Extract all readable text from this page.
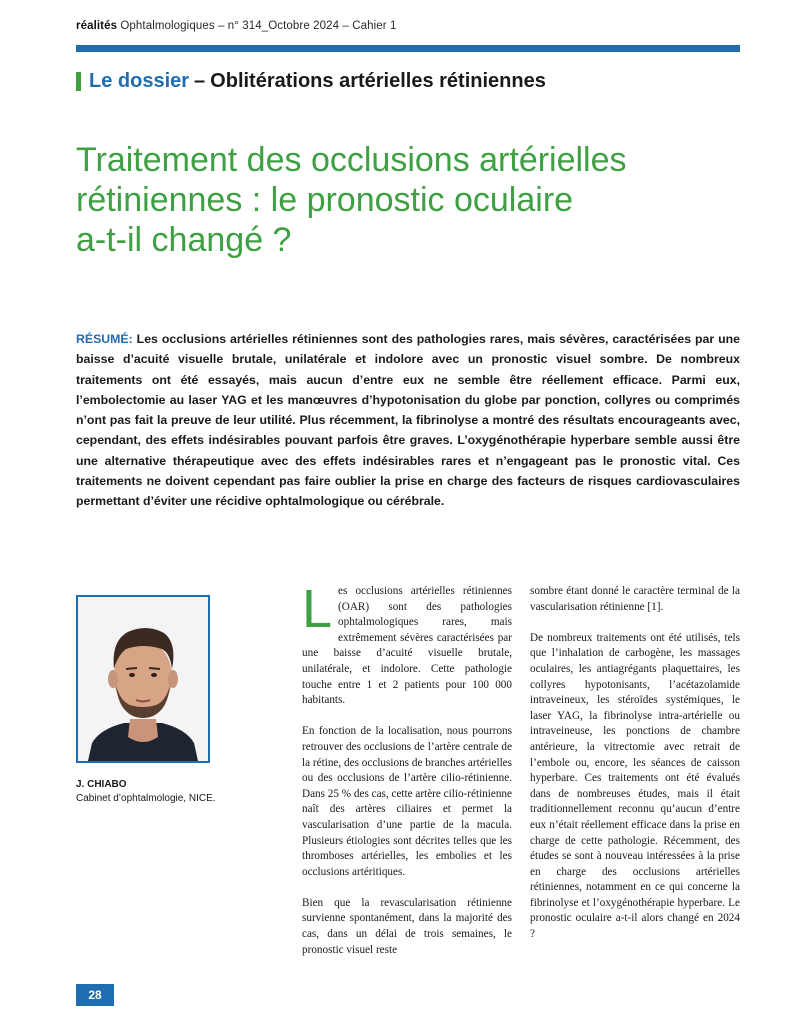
réalités Ophtalmologiques – n° 314_Octobre 2024 – Cahier 1
Le dossier – Oblitérations artérielles rétiniennes
Traitement des occlusions artérielles
rétiniennes : le pronostic oculaire
a-t-il changé ?

RÉSUMÉ: Les occlusions artérielles rétiniennes sont des pathologies rares, mais sévères, caractérisées par une baisse d’acuité visuelle brutale, unilatérale et indolore avec un pronostic visuel sombre. De nombreux traitements ont été essayés, mais aucun d’entre eux ne semble être réellement efficace. Parmi eux, l’embolectomie au laser YAG et les manœuvres d’hypotonisation du globe par ponction, collyres ou comprimés n’ont pas fait la preuve de leur utilité. Plus récemment, la fibrinolyse a montré des résultats encourageants avec, cependant, des effets indésirables pouvant parfois être graves. L’oxygénothérapie hyperbare semble aussi être une alternative thérapeutique avec des effets indésirables rares et n’engageant pas le pronostic vital. Ces traitements ne doivent cependant pas faire oublier la prise en charge des facteurs de risques cardiovasculaires permettant d’éviter une récidive ophtalmologique ou cérébrale.

J. CHIABO
Cabinet d’ophtalmologie, NICE.

Les occlusions artérielles rétiniennes (OAR) sont des pathologies ophtalmologiques rares, mais extrêmement sévères caractérisées par une baisse d’acuité visuelle brutale, unilatérale, et indolore. Cette pathologie touche entre 1 et 2 patients pour 100 000 habitants.

En fonction de la localisation, nous pourrons retrouver des occlusions de l’artère centrale de la rétine, des occlusions de branches artérielles ou des occlusions de l’artère cilio-rétinienne. Dans 25 % des cas, cette artère cilio-rétinienne naît des artères ciliaires et permet la vascularisation d’une partie de la macula. Plusieurs étiologies sont décrites telles que les thromboses artérielles, les embolies et les occlusions artéritiques.

Bien que la revascularisation rétinienne survienne spontanément, dans la majorité des cas, dans un délai de trois semaines, le pronostic visuel reste

sombre étant donné le caractère terminal de la vascularisation rétinienne [1].

De nombreux traitements ont été utilisés, tels que l’inhalation de carbogène, les massages oculaires, les antiagrégants plaquettaires, les collyres hypotonisants, l’acétazolamide intraveineux, les stéroïdes systémiques, le laser YAG, la fibrinolyse intra-artérielle ou intraveineuse, les ponctions de chambre antérieure, la vitrectomie avec retrait de l’embole ou, encore, les séances de caisson hyperbare. Ces traitements ont été évalués dans de nombreuses études, mais il était traditionnellement reconnu qu’aucun d’entre eux n’était réellement efficace dans la prise en charge de cette pathologie. Récemment, des études se sont à nouveau intéressées à la prise en charge des occlusions artérielles rétiniennes, notamment en ce qui concerne la fibrinolyse et l’oxygénothérapie hyperbare. Le pronostic oculaire a-t-il alors changé en 2024 ?

28
